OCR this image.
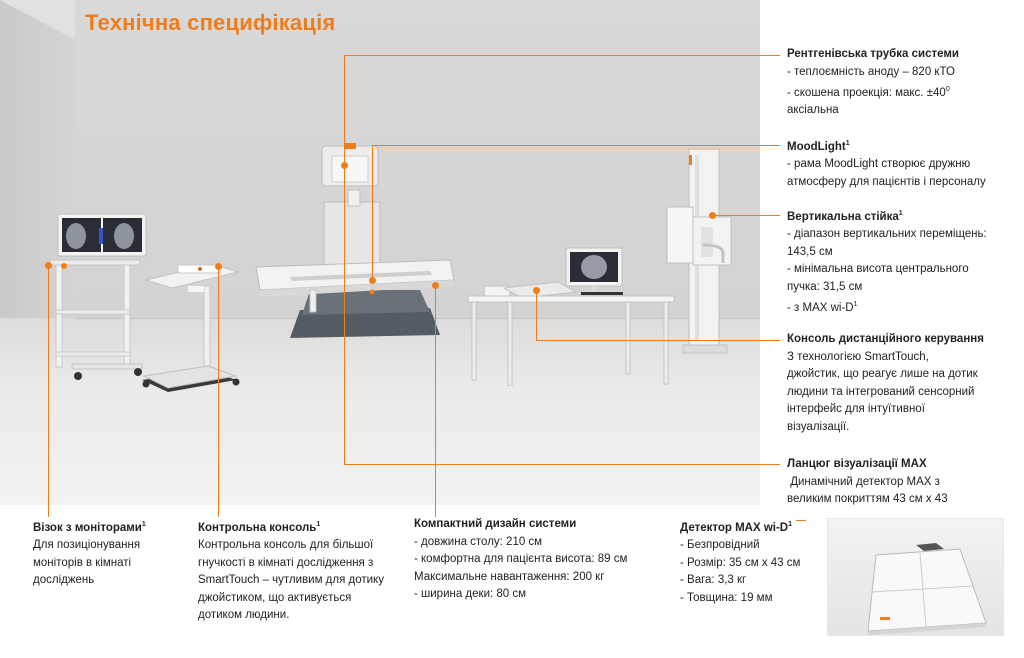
Технічна специфікація
Рентгенівська трубка системи
- теплоємність аноду – 820 кТО
- скошена проекція: макс. $\pm 40^0$
аксіальна
MoodLight$^1$
- рама MoodLight створює дружню
атмосферу для пацієнтів і персоналу
Вертикальна стійка$^1$
- діапазон вертикальних переміщень:
143,5 см
- мінімальна висота центрального
пучка: 31,5 см
- з MAX $wi-D^1$
Консоль дистанційного керування
З технологією SmartTouch,
джойстик, що реагує лише на дотик
людини та інтегрований сенсорний
інтерфейс для інтуїтивної
візуалізації.
Ланцюг візуалізації MAX
Динамічний детектор MAX з
великим покриттям 43 см x 43
Візок з моніторами$^1$
Для позиціонування
моніторів в кімнаті
досліджень
Контрольна консоль$^1$
Контрольна консоль для більшої
гнучкості в кімнаті дослідження з
SmartTouch – чутливим для дотику
джойстиком, що активується
дотиком людини.
Компактний дизайн системи
- довжина столу: 210 см
- комфортна для пацієнта висота: 89 см
Максимальне навантаження: 200 кг
- ширина деки: 80 см
Детектор MAX $wi-D^1$
- Безпровідний
- Розмір: 35 см x 43 см
- Вага: 3,3 кг
- Товщина: 19 мм
